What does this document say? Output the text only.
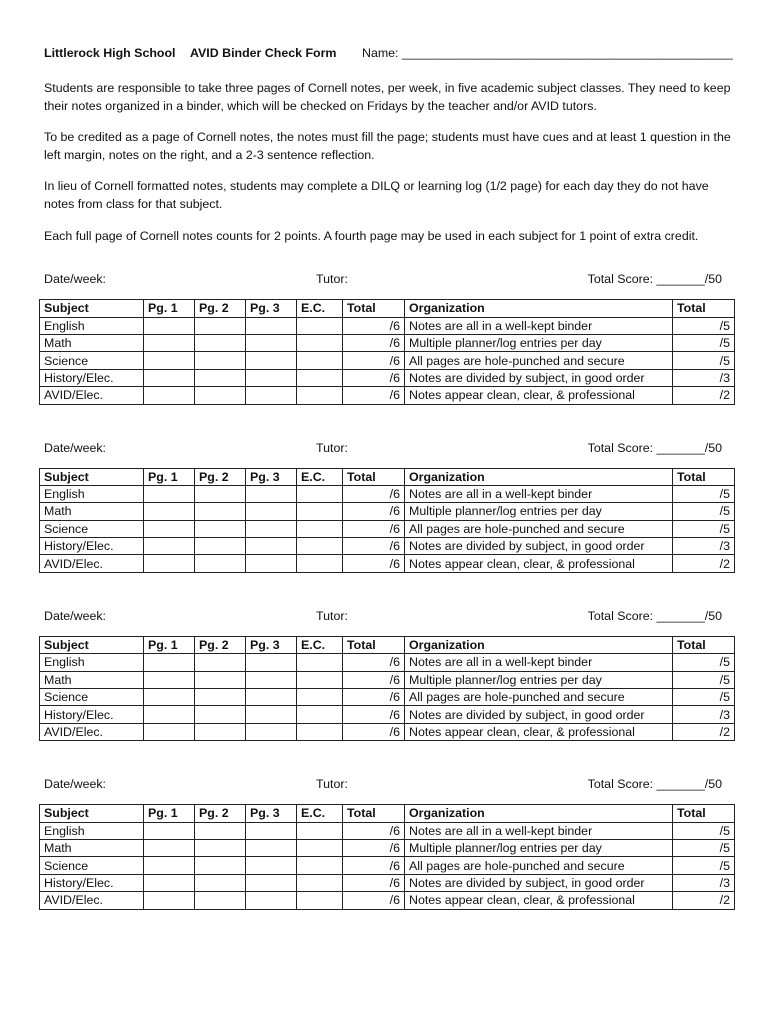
Littlerock High School	AVID Binder Check Form	Name: ________________________________________________

Students are responsible to take three pages of Cornell notes, per week, in five academic subject classes. They need to keep their notes organized in a binder, which will be checked on Fridays by the teacher and/or AVID tutors.

To be credited as a page of Cornell notes, the notes must fill the page; students must have cues and at least 1 question in the left margin, notes on the right, and a 2-3 sentence reflection.

In lieu of Cornell formatted notes, students may complete a DILQ or learning log (1/2 page) for each day they do not have notes from class for that subject.

Each full page of Cornell notes counts for 2 points. A fourth page may be used in each subject for 1 point of extra credit.

Date/week:	Tutor:	Total Score: _______/50
Subject	Pg. 1	Pg. 2	Pg. 3	E.C.	Total	Organization	Total
English					/6	Notes are all in a well-kept binder	/5
Math					/6	Multiple planner/log entries per day	/5
Science					/6	All pages are hole-punched and secure	/5
History/Elec.					/6	Notes are divided by subject, in good order	/3
AVID/Elec.					/6	Notes appear clean, clear, & professional	/2
Date/week:	Tutor:	Total Score: _______/50
Subject	Pg. 1	Pg. 2	Pg. 3	E.C.	Total	Organization	Total
English					/6	Notes are all in a well-kept binder	/5
Math					/6	Multiple planner/log entries per day	/5
Science					/6	All pages are hole-punched and secure	/5
History/Elec.					/6	Notes are divided by subject, in good order	/3
AVID/Elec.					/6	Notes appear clean, clear, & professional	/2
Date/week:	Tutor:	Total Score: _______/50
Subject	Pg. 1	Pg. 2	Pg. 3	E.C.	Total	Organization	Total
English					/6	Notes are all in a well-kept binder	/5
Math					/6	Multiple planner/log entries per day	/5
Science					/6	All pages are hole-punched and secure	/5
History/Elec.					/6	Notes are divided by subject, in good order	/3
AVID/Elec.					/6	Notes appear clean, clear, & professional	/2
Date/week:	Tutor:	Total Score: _______/50
Subject	Pg. 1	Pg. 2	Pg. 3	E.C.	Total	Organization	Total
English					/6	Notes are all in a well-kept binder	/5
Math					/6	Multiple planner/log entries per day	/5
Science					/6	All pages are hole-punched and secure	/5
History/Elec.					/6	Notes are divided by subject, in good order	/3
AVID/Elec.					/6	Notes appear clean, clear, & professional	/2
